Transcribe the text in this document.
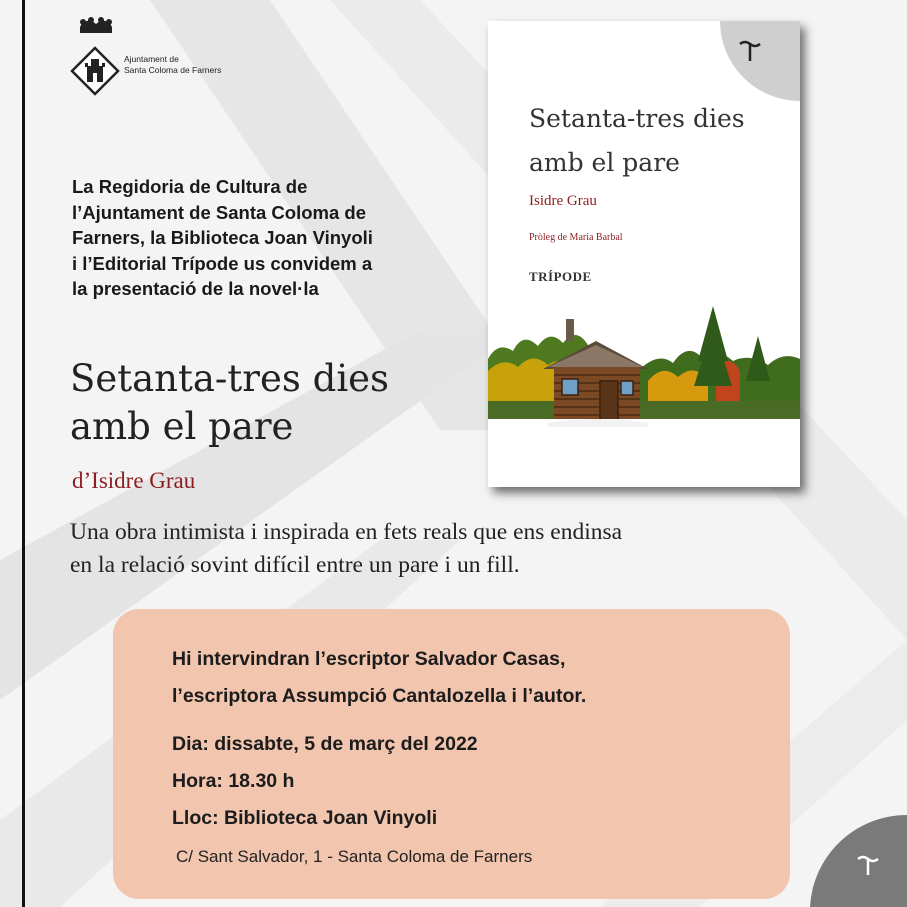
Ajuntament de
Santa Coloma de Farners
La Regidoria de Cultura de
l’Ajuntament de Santa Coloma de
Farners, la Biblioteca Joan Vinyoli
i l’Editorial Trípode us convidem a
la presentació de la novel·la
Setanta-tres dies
amb el pare
d’Isidre Grau
Una obra intimista i inspirada en fets reals que ens endinsa
en la relació sovint difícil entre un pare i un fill.
Setanta-tres dies
amb el pare
Isidre Grau
Pròleg de Maria Barbal
TRÍPODE
Hi intervindran l’escriptor Salvador Casas,
l’escriptora Assumpció Cantalozella i l’autor.
Dia: dissabte, 5 de març del 2022
Hora: 18.30 h
Lloc: Biblioteca Joan Vinyoli
C/ Sant Salvador, 1 - Santa Coloma de Farners
